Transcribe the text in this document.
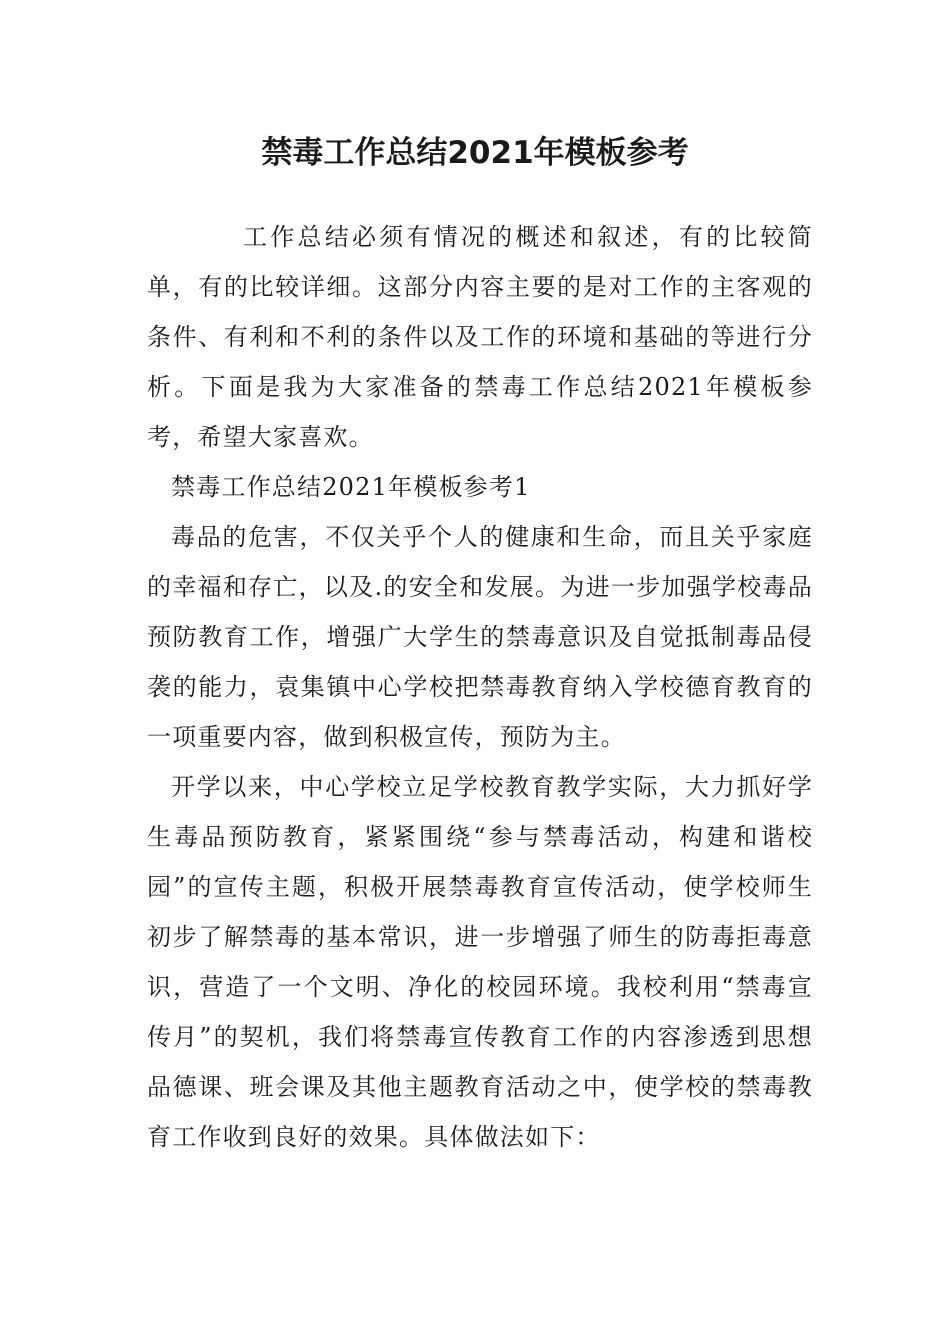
禁毒工作总结2021年模板参考

工作总结必须有情况的概述和叙述，有的比较简单，有的比较详细。这部分内容主要的是对工作的主客观的条件、有利和不利的条件以及工作的环境和基础的等进行分析。下面是我为大家准备的禁毒工作总结2021年模板参考，希望大家喜欢。

禁毒工作总结2021年模板参考1

毒品的危害，不仅关乎个人的健康和生命，而且关乎家庭的幸福和存亡，以及.的安全和发展。为进一步加强学校毒品预防教育工作，增强广大学生的禁毒意识及自觉抵制毒品侵袭的能力，袁集镇中心学校把禁毒教育纳入学校德育教育的一项重要内容，做到积极宣传，预防为主。

开学以来，中心学校立足学校教育教学实际，大力抓好学生毒品预防教育，紧紧围绕“参与禁毒活动，构建和谐校园”的宣传主题，积极开展禁毒教育宣传活动，使学校师生初步了解禁毒的基本常识，进一步增强了师生的防毒拒毒意识，营造了一个文明、净化的校园环境。我校利用“禁毒宣传月”的契机，我们将禁毒宣传教育工作的内容渗透到思想品德课、班会课及其他主题教育活动之中，使学校的禁毒教育工作收到良好的效果。具体做法如下：
